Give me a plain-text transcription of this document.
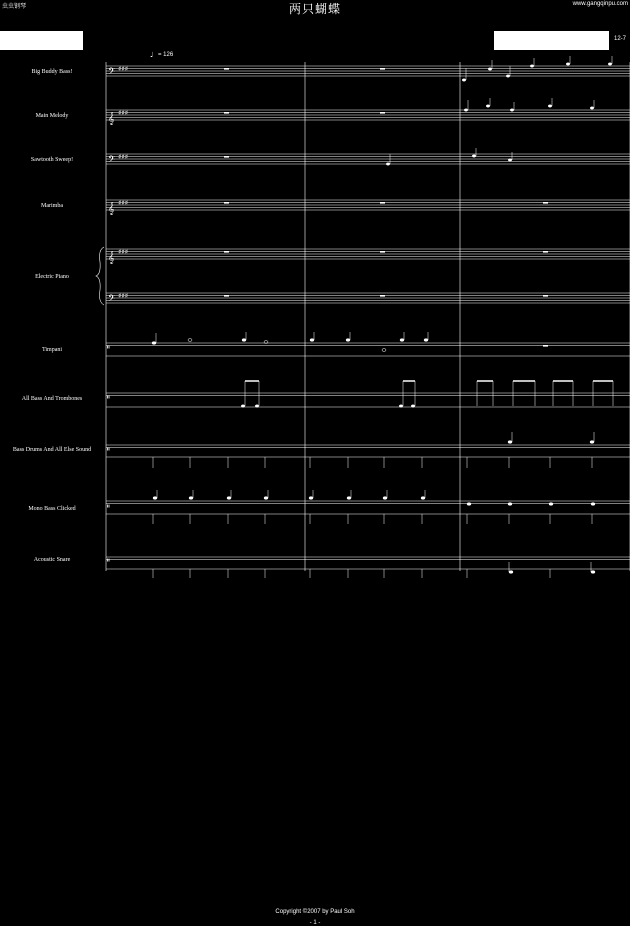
虫虫钢琴	两只蝴蝶	www.gangqinpu.com
12-7
♩ = 126
Big Buddy Bass!
Main Melody
Sawtooth Sweep!
Marimba
Electric Piano
Timpani
All Bass And Trombones
Bass Drums And All Else Sound
Mono Bass Clicked
Acoustic Snare
𝄢 ♯♯♯
𝄞 ♯♯♯
𝄢 ♯♯♯
𝄞 ♯♯♯
𝄞 ♯♯♯
𝄢 ♯♯♯
𝄥
𝄥
𝄥
𝄥
𝄥
Copyright ©2007 by Paul Soh
- 1 -
